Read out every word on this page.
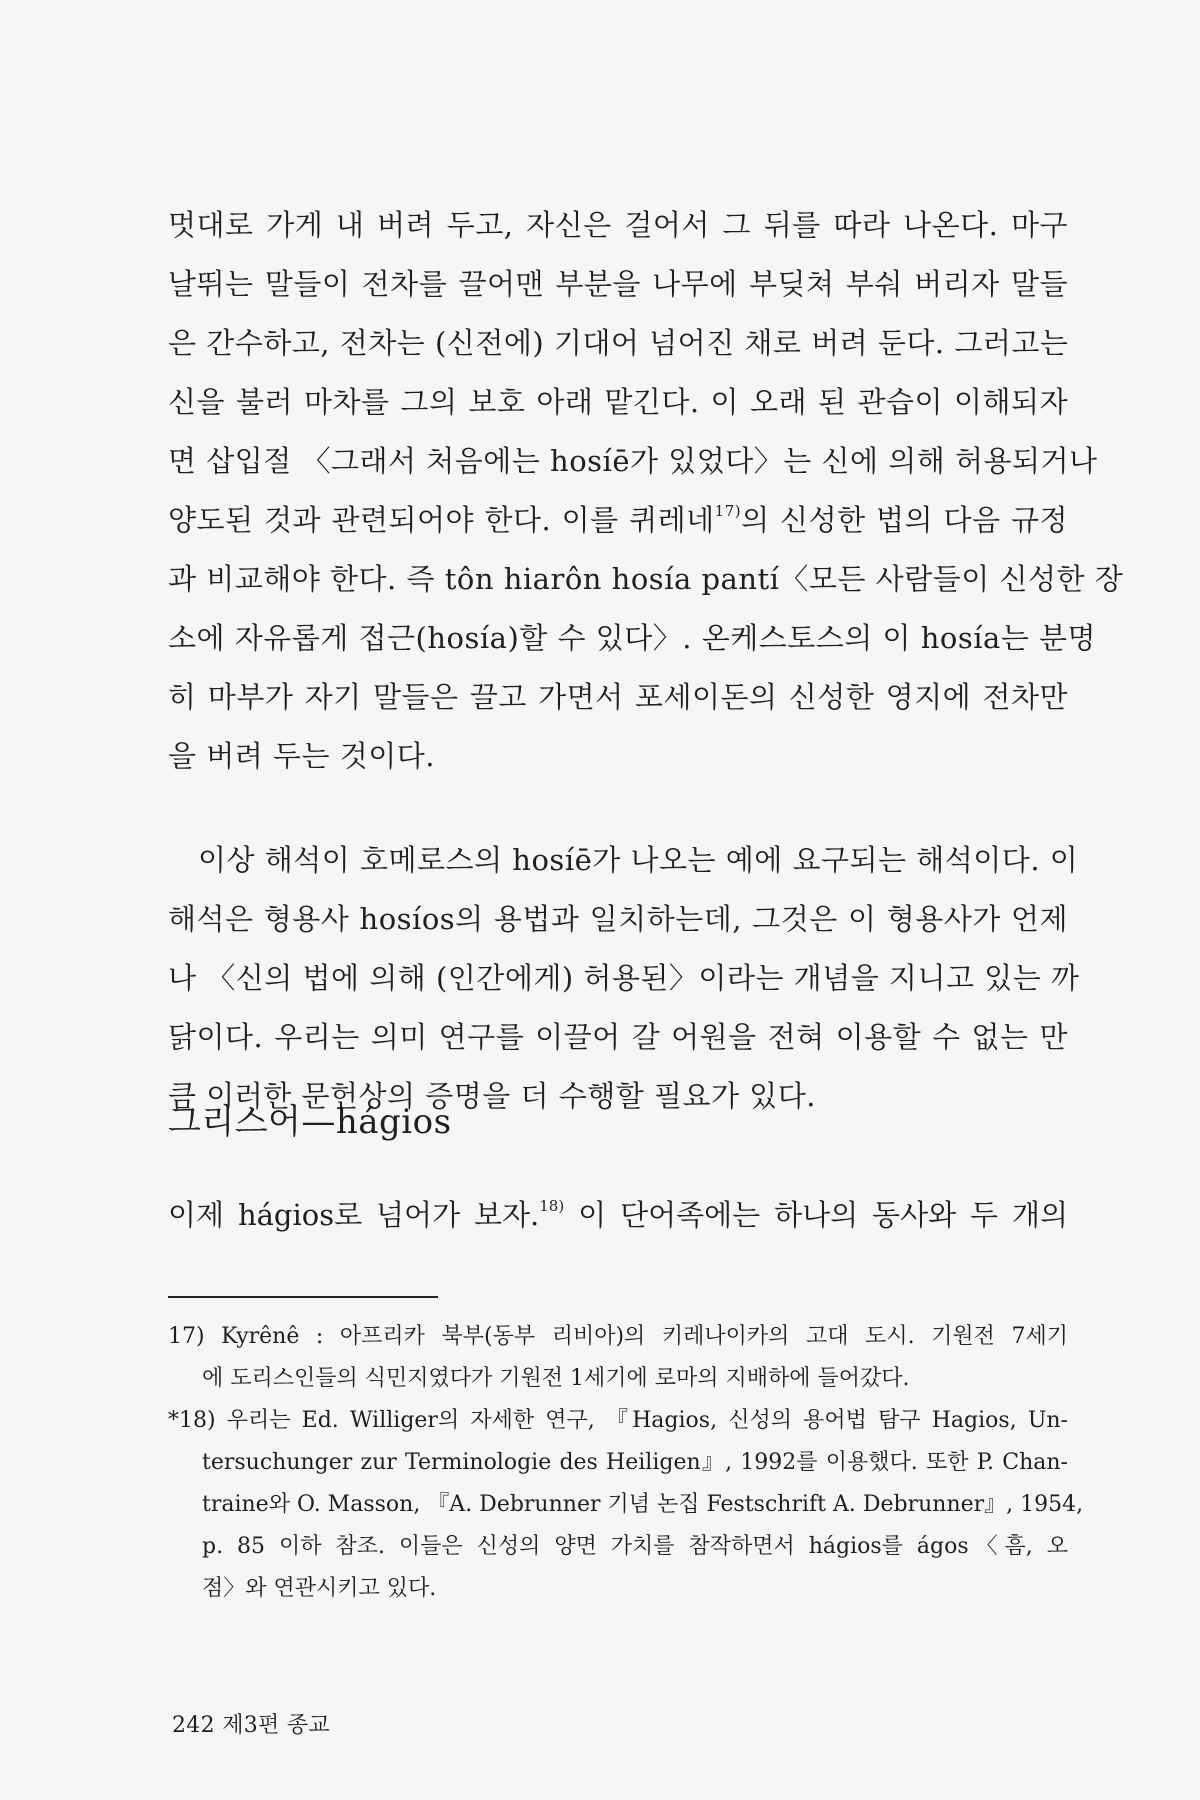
멋대로 가게 내 버려 두고, 자신은 걸어서 그 뒤를 따라 나온다. 마구
날뛰는 말들이 전차를 끌어맨 부분을 나무에 부딪쳐 부숴 버리자 말들
은 간수하고, 전차는 (신전에) 기대어 넘어진 채로 버려 둔다. 그러고는
신을 불러 마차를 그의 보호 아래 맡긴다. 이 오래 된 관습이 이해되자
면 삽입절 〈그래서 처음에는 hosíē가 있었다〉는 신에 의해 허용되거나
양도된 것과 관련되어야 한다. 이를 퀴레네$^{17)}$의 신성한 법의 다음 규정
과 비교해야 한다. 즉 tôn hiarôn hosía pantí〈모든 사람들이 신성한 장
소에 자유롭게 접근(hosía)할 수 있다〉. 온케스토스의 이 hosía는 분명
히 마부가 자기 말들은 끌고 가면서 포세이돈의 신성한 영지에 전차만
을 버려 두는 것이다.
이상 해석이 호메로스의 hosíē가 나오는 예에 요구되는 해석이다. 이
해석은 형용사 hosíos의 용법과 일치하는데, 그것은 이 형용사가 언제
나 〈신의 법에 의해 (인간에게) 허용된〉이라는 개념을 지니고 있는 까
닭이다. 우리는 의미 연구를 이끌어 갈 어원을 전혀 이용할 수 없는 만
큼 이러한 문헌상의 증명을 더 수행할 필요가 있다.
그리스어—hágios
이제 hágios로 넘어가 보자.$^{18)}$ 이 단어족에는 하나의 동사와 두 개의
17) Kyrênê : 아프리카 북부(동부 리비아)의 키레나이카의 고대 도시. 기원전 7세기
에 도리스인들의 식민지였다가 기원전 1세기에 로마의 지배하에 들어갔다.
*18) 우리는 Ed. Williger의 자세한 연구, 『Hagios, 신성의 용어법 탐구 Hagios, Un-
tersuchunger zur Terminologie des Heiligen』, 1992를 이용했다. 또한 P. Chan-
traine와 O. Masson, 『A. Debrunner 기념 논집 Festschrift A. Debrunner』, 1954,
p. 85 이하 참조. 이들은 신성의 양면 가치를 참작하면서 hágios를 ágos〈흠, 오
점〉와 연관시키고 있다.
242 제3편 종교
